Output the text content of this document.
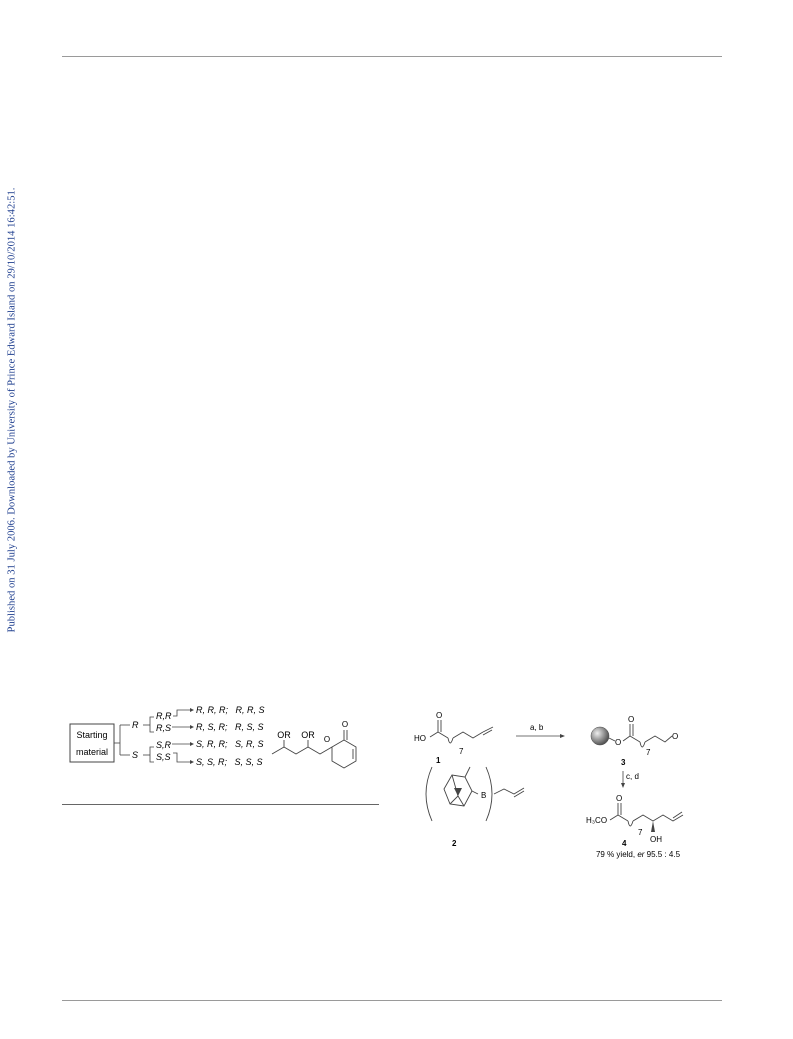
Published on 31 July 2006. Downloaded by University of Prince Edward Island on 29/10/2014 16:42:51.
Starting
material
R
S
R,R
R,S
S,R
S,S
R, R, R;   R, R, S
R, S, R;   R, S, S
S, R, R;   S, R, S
S, S, R;   S, S, S
OR OR O
O
HO
O
7
1
a, b
O
O
O
7
3
c, d
B
2
H₃CO
O
7
OH
4
79 % yield, er 95.5 : 4.5
